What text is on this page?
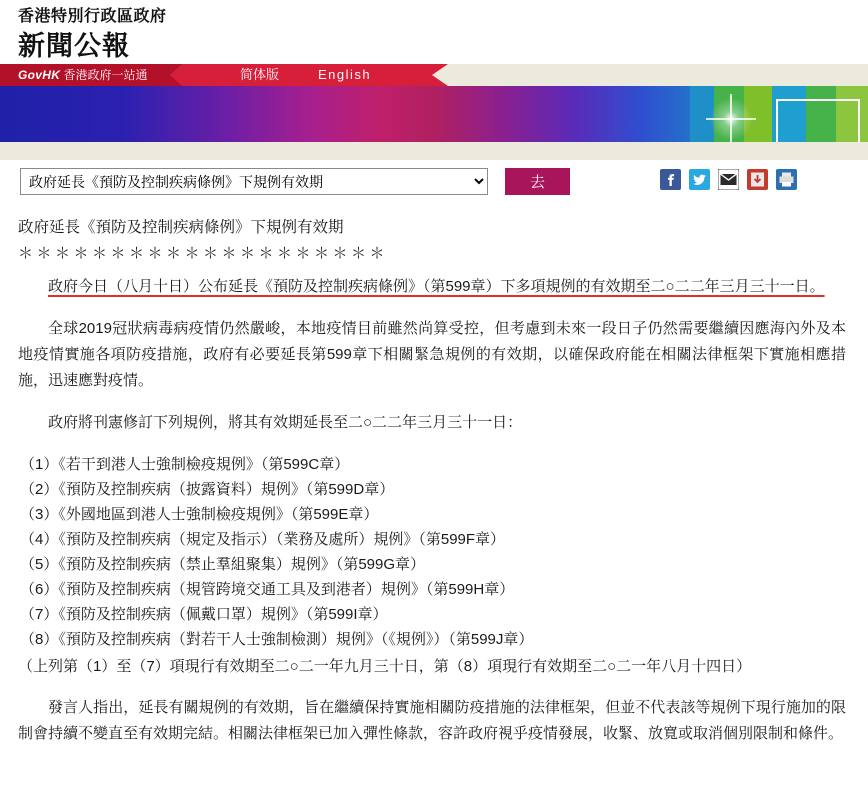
香港特別行政區政府
新聞公報
GovHK 香港政府一站通	简体版	English
政府延長《預防及控制疾病條例》下規例有效期
去
政府延長《預防及控制疾病條例》下規例有效期
＊＊＊＊＊＊＊＊＊＊＊＊＊＊＊＊＊＊＊＊

政府今日（八月十日）公布延長《預防及控制疾病條例》（第599章）下多項規例的有效期至二○二二年三月三十一日。

全球2019冠狀病毒病疫情仍然嚴峻，本地疫情目前雖然尚算受控，但考慮到未來一段日子仍然需要繼續因應海內外及本地疫情實施各項防疫措施，政府有必要延長第599章下相關緊急規例的有效期，以確保政府能在相關法律框架下實施相應措施，迅速應對疫情。

政府將刊憲修訂下列規例，將其有效期延長至二○二二年三月三十一日：

（1）《若干到港人士強制檢疫規例》（第599C章）
（2）《預防及控制疾病（披露資料）規例》（第599D章）
（3）《外國地區到港人士強制檢疫規例》（第599E章）
（4）《預防及控制疾病（規定及指示）（業務及處所）規例》（第599F章）
（5）《預防及控制疾病（禁止羣組聚集）規例》（第599G章）
（6）《預防及控制疾病（規管跨境交通工具及到港者）規例》（第599H章）
（7）《預防及控制疾病（佩戴口罩）規例》（第599I章）
（8）《預防及控制疾病（對若干人士強制檢測）規例》（《規例》）（第599J章）
（上列第（1）至（7）項現行有效期至二○二一年九月三十日，第（8）項現行有效期至二○二一年八月十四日）

發言人指出，延長有關規例的有效期，旨在繼續保持實施相關防疫措施的法律框架，但並不代表該等規例下現行施加的限制會持續不變直至有效期完結。相關法律框架已加入彈性條款，容許政府視乎疫情發展，收緊、放寬或取消個別限制和條件。
